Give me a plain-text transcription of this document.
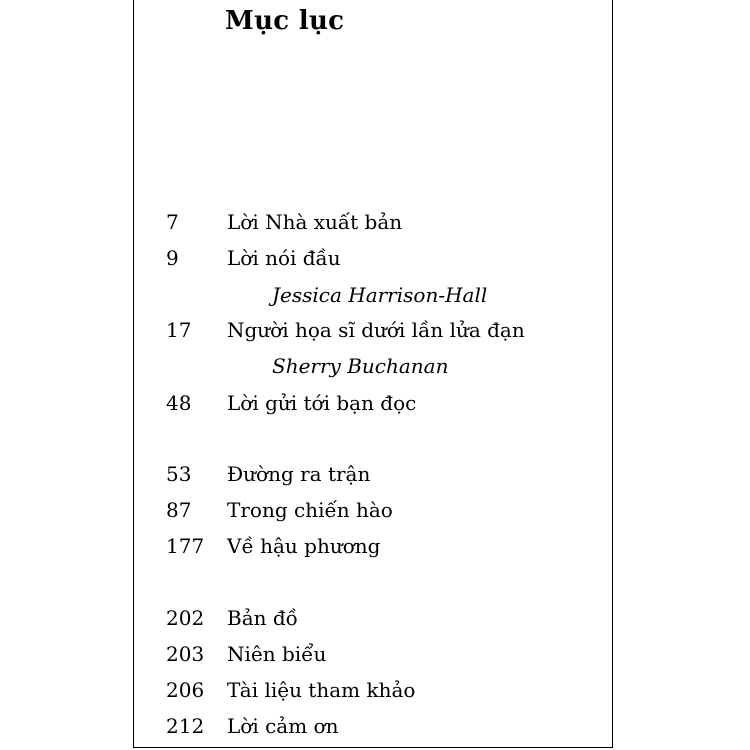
Mục lục
7 Lời Nhà xuất bản
9 Lời nói đầu
Jessica Harrison-Hall
17 Người họa sĩ dưới lần lửa đạn
Sherry Buchanan
48 Lời gửi tới bạn đọc
53 Đường ra trận
87 Trong chiến hào
177 Về hậu phương
202 Bản đồ
203 Niên biểu
206 Tài liệu tham khảo
212 Lời cảm ơn
